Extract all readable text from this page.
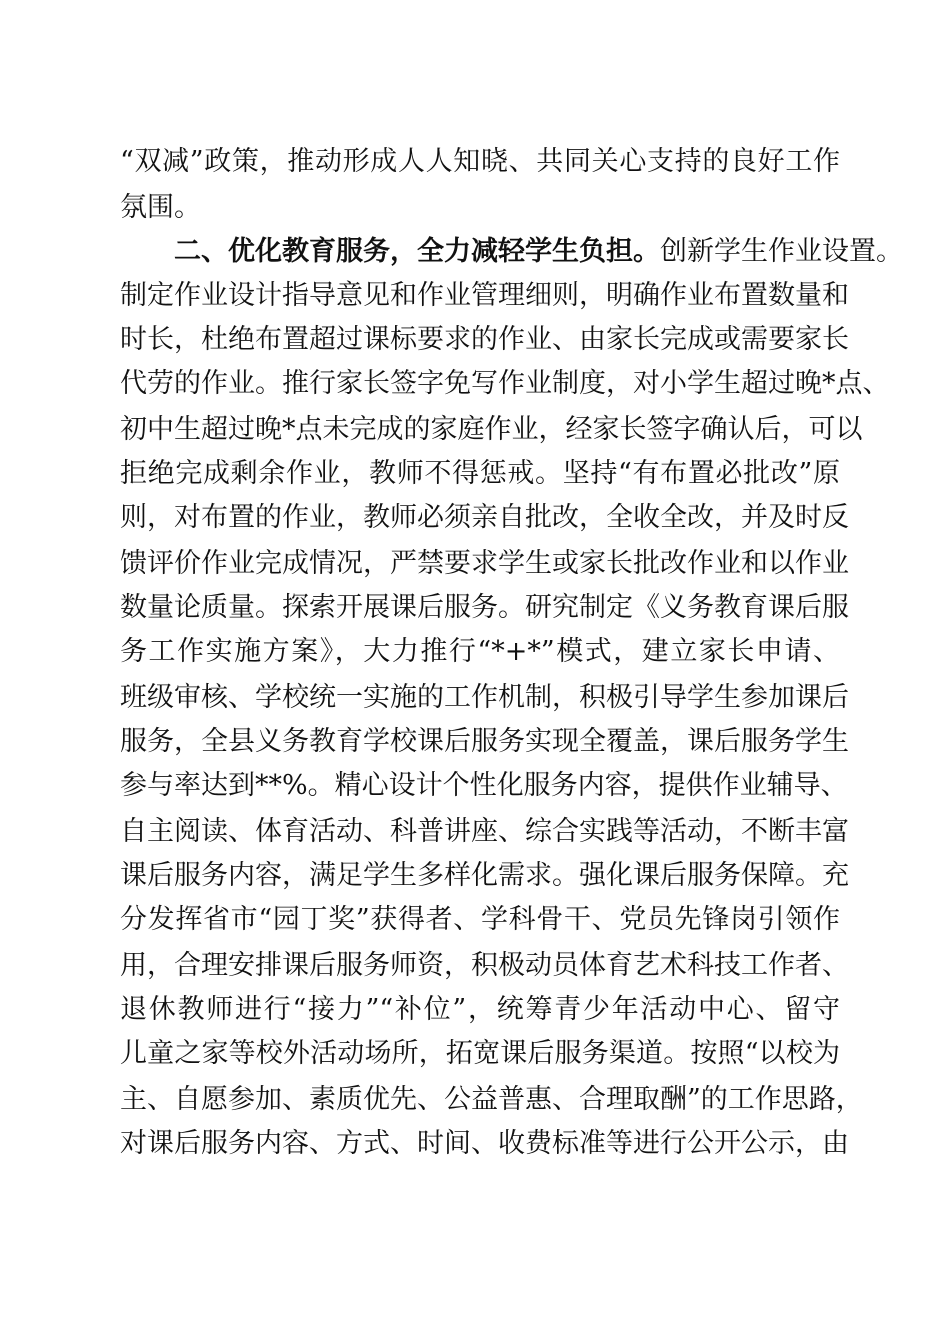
“双减”政策，推动形成人人知晓、共同关心支持的良好工作
氛围。
二、优化教育服务，全力减轻学生负担。创新学生作业设置。
制定作业设计指导意见和作业管理细则，明确作业布置数量和
时长，杜绝布置超过课标要求的作业、由家长完成或需要家长
代劳的作业。推行家长签字免写作业制度，对小学生超过晚*点、
初中生超过晚*点未完成的家庭作业，经家长签字确认后，可以
拒绝完成剩余作业，教师不得惩戒。坚持“有布置必批改”原
则，对布置的作业，教师必须亲自批改，全收全改，并及时反
馈评价作业完成情况，严禁要求学生或家长批改作业和以作业
数量论质量。探索开展课后服务。研究制定《义务教育课后服
务工作实施方案》，大力推行“*+*”模式，建立家长申请、
班级审核、学校统一实施的工作机制，积极引导学生参加课后
服务，全县义务教育学校课后服务实现全覆盖，课后服务学生
参与率达到**%。精心设计个性化服务内容，提供作业辅导、
自主阅读、体育活动、科普讲座、综合实践等活动，不断丰富
课后服务内容，满足学生多样化需求。强化课后服务保障。充
分发挥省市“园丁奖”获得者、学科骨干、党员先锋岗引领作
用，合理安排课后服务师资，积极动员体育艺术科技工作者、
退休教师进行“接力”“补位”，统筹青少年活动中心、留守
儿童之家等校外活动场所，拓宽课后服务渠道。按照“以校为
主、自愿参加、素质优先、公益普惠、合理取酬”的工作思路，
对课后服务内容、方式、时间、收费标准等进行公开公示，由
